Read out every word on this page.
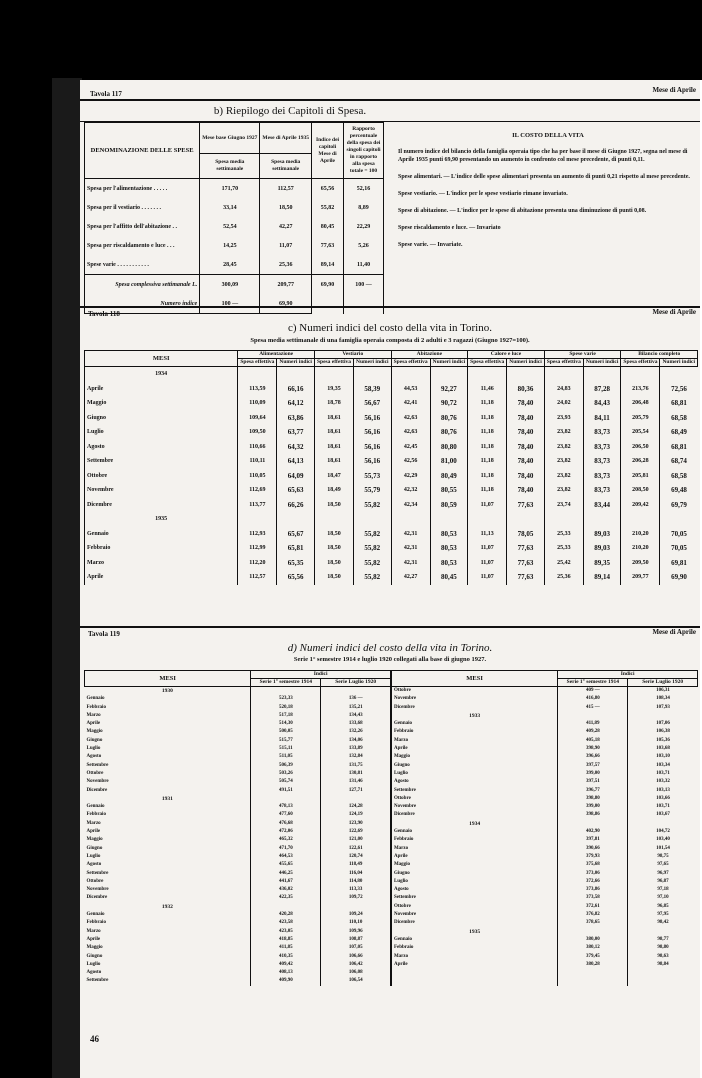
Tavola 117	Mese di Aprile
b) Riepilogo dei Capitoli di Spesa.
DENOMINAZIONE DELLE SPESE	Mese base Giugno 1927	Mese di Aprile 1935	Indice dei capitoli Mese di Aprile	Rapporto percentuale della spesa dei singoli capitoli in rapporto alla spesa totale = 100
	Spesa media settimanale	Spesa media settimanale		
Spesa per l'alimentazione . . . . .	171,70	112,57	65,56	52,16
Spesa per il vestiario . . . . . . .	33,14	18,50	55,82	8,89
Spesa per l'affitto dell'abitazione . .	52,54	42,27	80,45	22,29
Spesa per riscaldamento e luce . . .	14,25	11,07	77,63	5,26
Spese varie . . . . . . . . . . .	28,45	25,36	89,14	11,40
Spesa complessiva settimanale L.	300,09	209,77	69,90	100 —
Numero indice	100 —	69,90		
IL COSTO DELLA VITA

Il numero indice del bilancio della famiglia operaia tipo che ha per base il mese di Giugno 1927, segna nel mese di Aprile 1935 punti 69,90 presentando un aumento in confronto col mese precedente, di punti 0,11.

Spese alimentari. — L'indice delle spese alimentari presenta un aumento di punti 0,21 rispetto al mese precedente.

Spese vestiario. — L'indice per le spese vestiario rimane invariato.

Spese di abitazione. — L'indice per le spese di abitazione presenta una diminuzione di punti 0,08.

Spese riscaldamento e luce. — Invariato

Spese varie. — Invariate.

Tavola 118	Mese di Aprile
c) Numeri indici del costo della vita in Torino.
Spesa media settimanale di una famiglia operaia composta di 2 adulti e 3 ragazzi (Giugno 1927=100).
MESI	Alimentazione		Vestiario		Abitazione		Calore e luce		Spese varie		Bilancio completo	
	Spesa effettiva	Numeri indici	Spesa effettiva	Numeri indici	Spesa effettiva	Numeri indici	Spesa effettiva	Numeri indici	Spesa effettiva	Numeri indici	Spesa effettiva	Numeri indici
1934												
Aprile	113,59	66,16	19,35	58,39	44,53	92,27	11,46	80,36	24,83	87,28	213,76	72,56
Maggio	110,09	64,12	18,78	56,67	42,41	90,72	11,18	78,40	24,02	84,43	206,48	68,81
Giugno	109,64	63,86	18,61	56,16	42,63	80,76	11,18	78,40	23,93	84,11	205,79	68,58
Luglio	109,50	63,77	18,61	56,16	42,63	80,76	11,18	78,40	23,82	83,73	205,54	68,49
Agosto	110,66	64,32	18,61	56,16	42,45	80,80	11,18	78,40	23,82	83,73	206,50	68,81
Settembre	110,11	64,13	18,61	56,16	42,56	81,00	11,18	78,40	23,82	83,73	206,28	68,74
Ottobre	110,05	64,09	18,47	55,73	42,29	80,49	11,18	78,40	23,82	83,73	205,81	68,58
Novembre	112,69	65,63	18,49	55,79	42,32	80,55	11,18	78,40	23,82	83,73	208,50	69,48
Dicembre	113,77	66,26	18,50	55,82	42,34	80,59	11,07	77,63	23,74	83,44	209,42	69,79
1935												
Gennaio	112,93	65,67	18,50	55,82	42,31	80,53	11,13	78,05	25,33	89,03	210,20	70,05
Febbraio	112,99	65,81	18,50	55,82	42,31	80,53	11,07	77,63	25,33	89,03	210,20	70,05
Marzo	112,20	65,35	18,50	55,82	42,31	80,53	11,07	77,63	25,42	89,35	209,50	69,81
Aprile	112,57	65,56	18,50	55,82	42,27	80,45	11,07	77,63	25,36	89,14	209,77	69,90
Tavola 119	Mese di Aprile
d) Numeri indici del costo della vita in Torino.
Serie 1° semestre 1914 e luglio 1920 collegati alla base di giugno 1927.
MESI	Indici		MESI	Indici	
	Serie 1° semestre 1914	Serie Luglio 1920		Serie 1° semestre 1914	Serie Luglio 1920
1930			Ottobre	409 —	106,31
Gennaio	523,33	136 —	Novembre	416,80	108,34
Febbraio	520,18	135,21	Dicembre	415 —	107,93
Marzo	517,18	134,43	1933		
Aprile	514,30	133,68	Gennaio	411,89	107,06
Maggio	500,05	132,26	Febbraio	409,28	106,38
Giugno	515,77	134,06	Marzo	405,18	105,36
Luglio	515,11	133,89	Aprile	398,90	103,68
Agosto	511,05	132,84	Maggio	396,66	103,10
Settembre	506,39	131,75	Giugno	397,57	103,34
Ottobre	503,26	130,81	Luglio	399,00	103,71
Novembre	505,74	131,46	Agosto	397,51	103,32
Dicembre	491,51	127,71	Settembre	396,77	103,13
1931			Ottobre	398,80	103,66
Gennaio	478,13	124,28	Novembre	399,00	103,71
Febbraio	477,60	124,19	Dicembre	398,86	103,67
Marzo	476,68	123,90	1934		
Aprile	472,06	122,69	Gennaio	402,90	104,72
Maggio	465,32	121,00	Febbraio	397,81	103,40
Giugno	471,70	122,61	Marzo	390,66	101,54
Luglio	464,53	120,74	Aprile	379,93	98,75
Agosto	455,65	118,49	Maggio	375,68	97,65
Settembre	446,25	116,04	Giugno	373,06	96,97
Ottobre	441,67	114,80	Luglio	372,66	96,87
Novembre	436,02	113,33	Agosto	373,86	97,18
Dicembre	422,35	109,72	Settembre	373,58	97,10
1932			Ottobre	372,61	96,85
Gennaio	420,28	109,24	Novembre	376,82	97,95
Febbraio	423,58	110,10	Dicembre	378,65	98,42
Marzo	423,05	109,96	1935		
Aprile	418,85	108,87	Gennaio	380,00	98,77
Maggio	411,85	107,05	Febbraio	380,12	98,80
Giugno	410,35	106,66	Marzo	379,45	98,63
Luglio	409,42	106,42	Aprile	380,28	98,84
Agosto	408,13	106,08			
Settembre	409,90	106,54			
46
